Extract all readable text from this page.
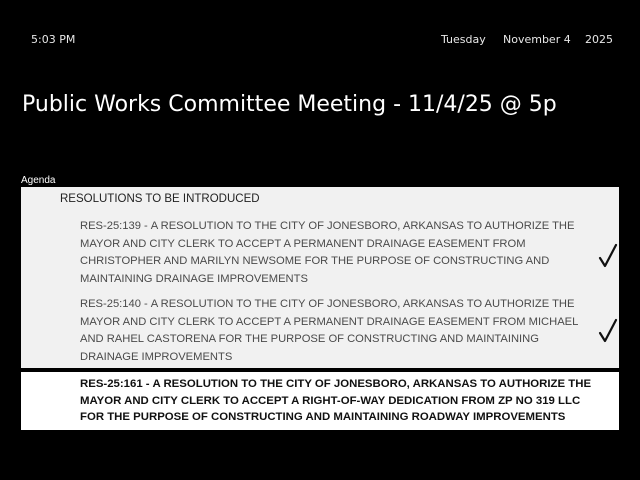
5:03 PM	Tuesday November 4 2025
Public Works Committee Meeting - 11/4/25 @ 5p
Agenda
RESOLUTIONS TO BE INTRODUCED
RES-25:139 - A RESOLUTION TO THE CITY OF JONESBORO, ARKANSAS TO AUTHORIZE THE MAYOR AND CITY CLERK TO ACCEPT A PERMANENT DRAINAGE EASEMENT FROM CHRISTOPHER AND MARILYN NEWSOME FOR THE PURPOSE OF CONSTRUCTING AND MAINTAINING DRAINAGE IMPROVEMENTS
RES-25:140 - A RESOLUTION TO THE CITY OF JONESBORO, ARKANSAS TO AUTHORIZE THE MAYOR AND CITY CLERK TO ACCEPT A PERMANENT DRAINAGE EASEMENT FROM MICHAEL AND RAHEL CASTORENA FOR THE PURPOSE OF CONSTRUCTING AND MAINTAINING DRAINAGE IMPROVEMENTS
RES-25:161 - A RESOLUTION TO THE CITY OF JONESBORO, ARKANSAS TO AUTHORIZE THE MAYOR AND CITY CLERK TO ACCEPT A RIGHT-OF-WAY DEDICATION FROM ZP NO 319 LLC FOR THE PURPOSE OF CONSTRUCTING AND MAINTAINING ROADWAY IMPROVEMENTS
